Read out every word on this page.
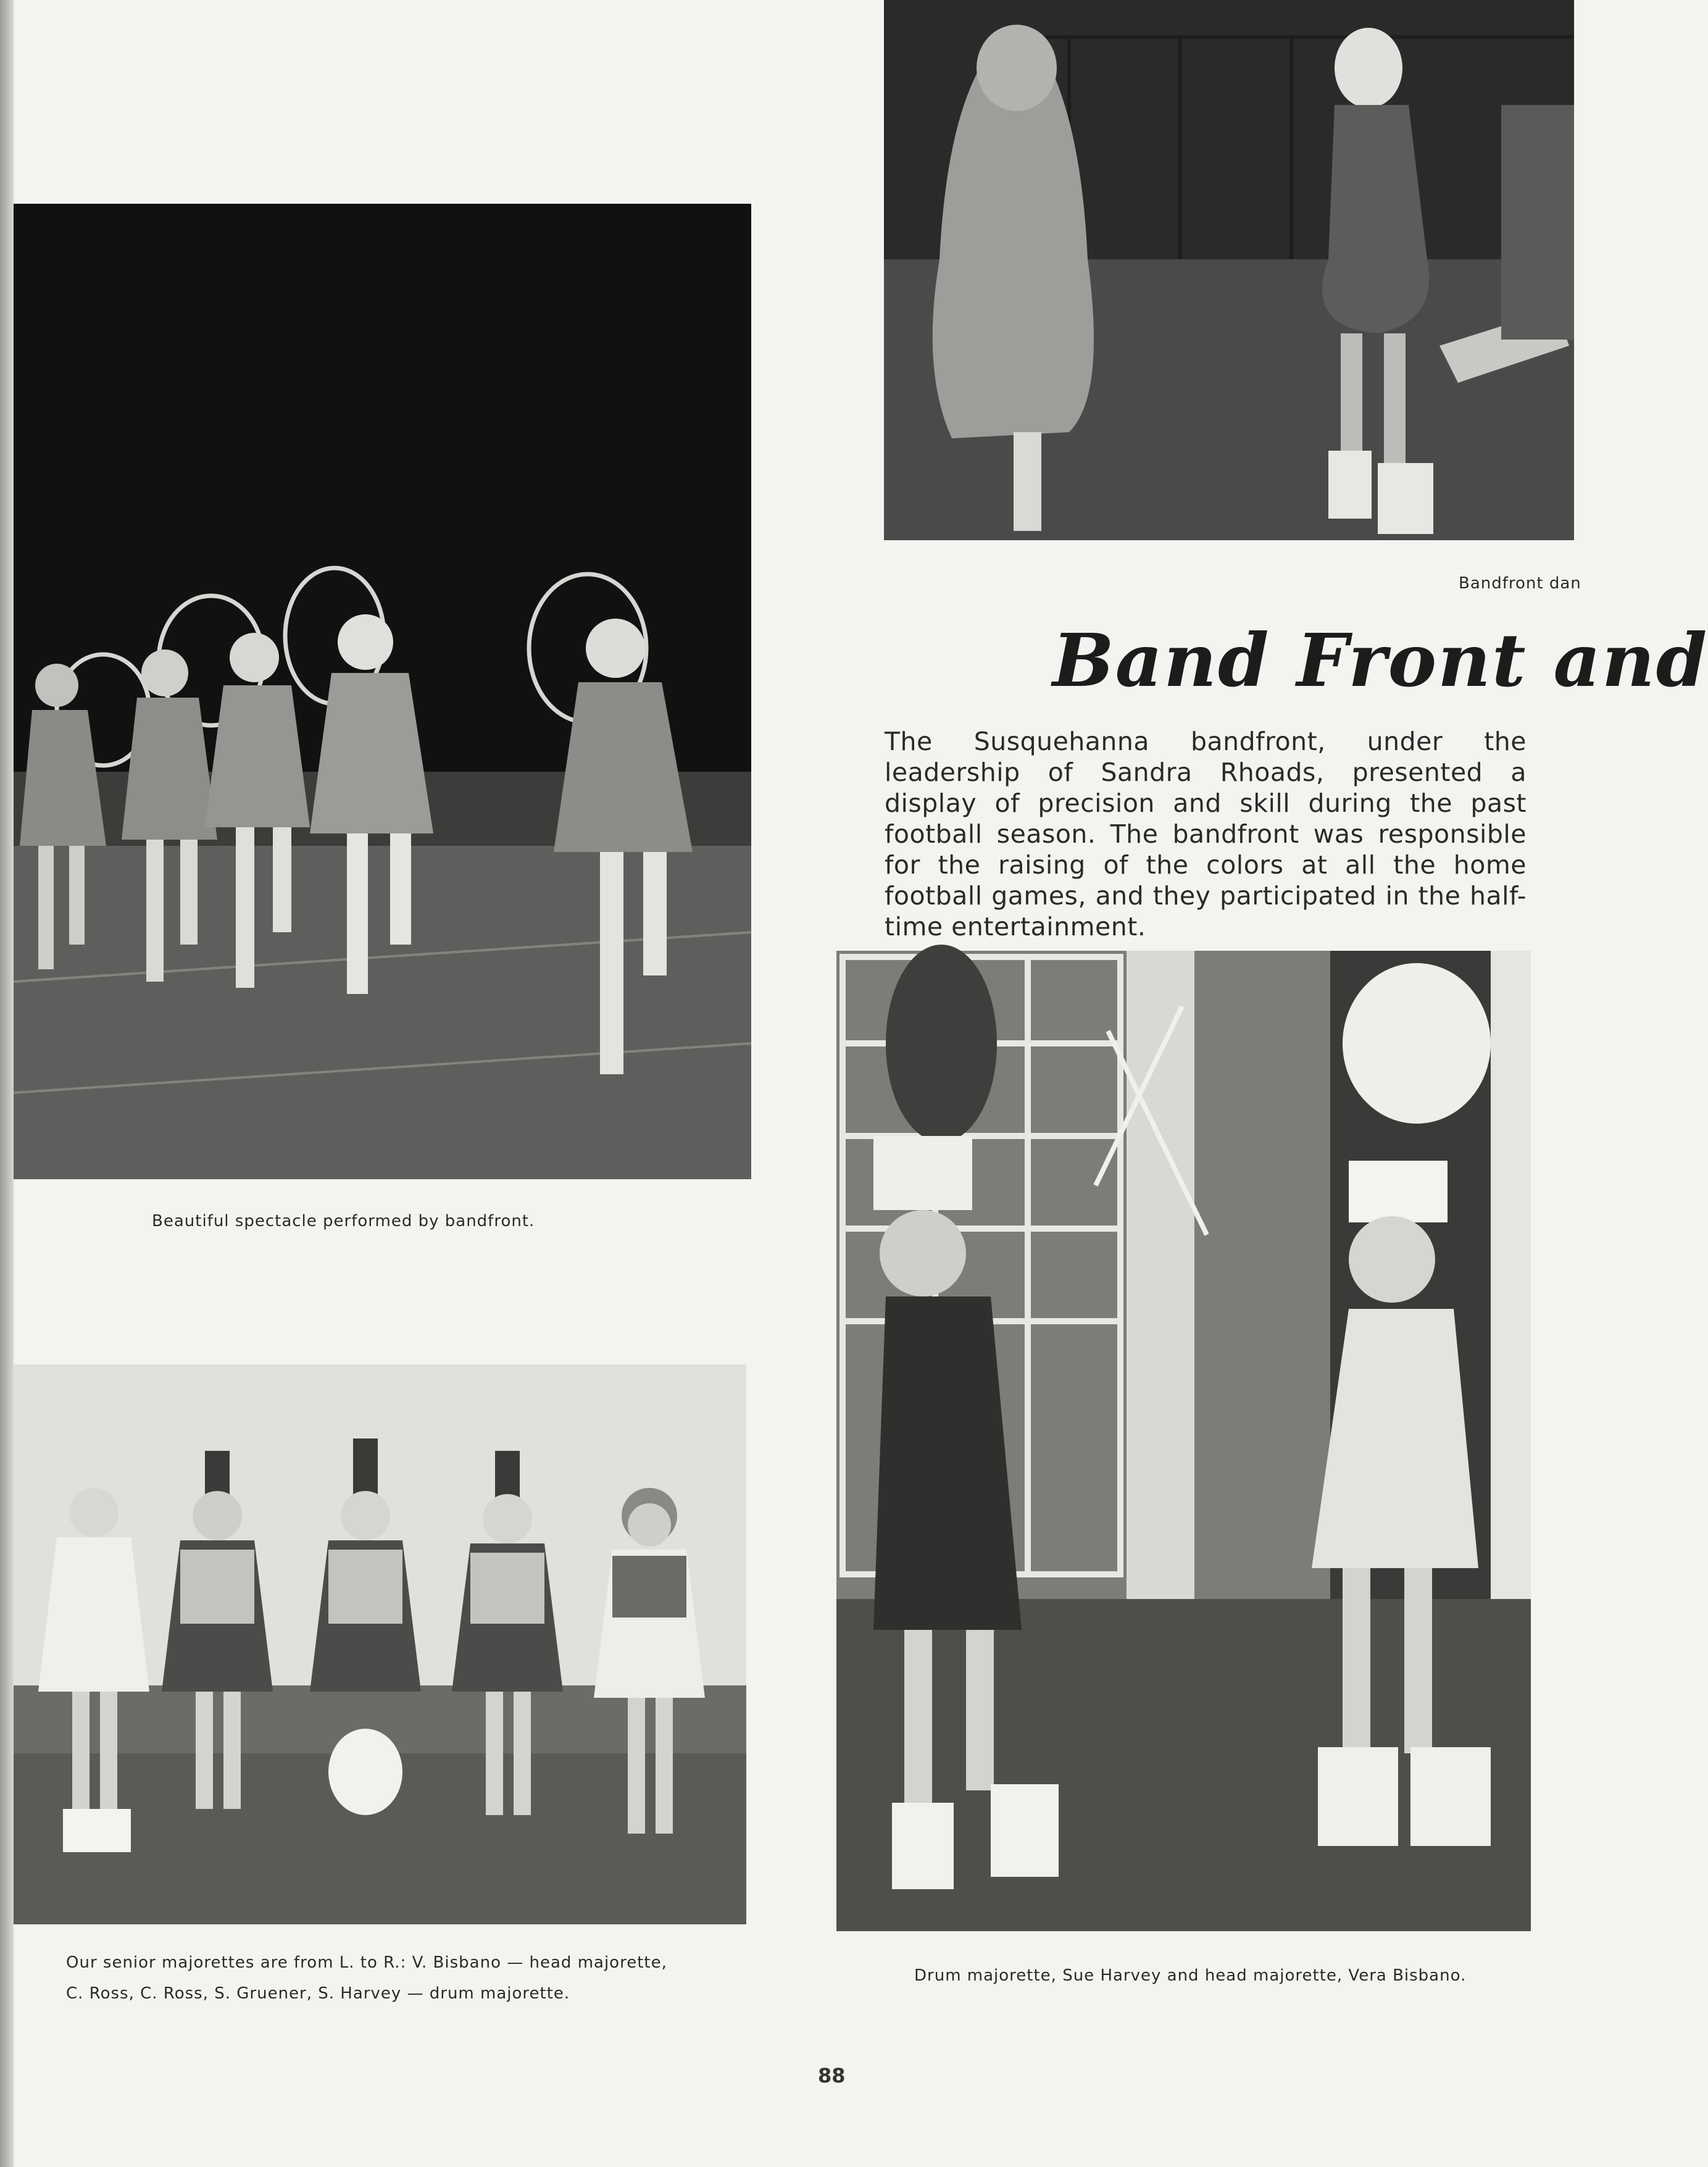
Bandfront dan
Beautiful spectacle performed by bandfront.
Band Front and
The Susquehanna bandfront, under the leadership of Sandra Rhoads, presented a display of precision and skill during the past football season. The bandfront was responsible for the raising of the colors at all the home football games, and they participated in the half-time entertainment.
Our senior majorettes are from L. to R.: V. Bisbano — head majorette,
C. Ross, C. Ross, S. Gruener, S. Harvey — drum majorette.
Drum majorette, Sue Harvey and head majorette, Vera Bisbano.
88
